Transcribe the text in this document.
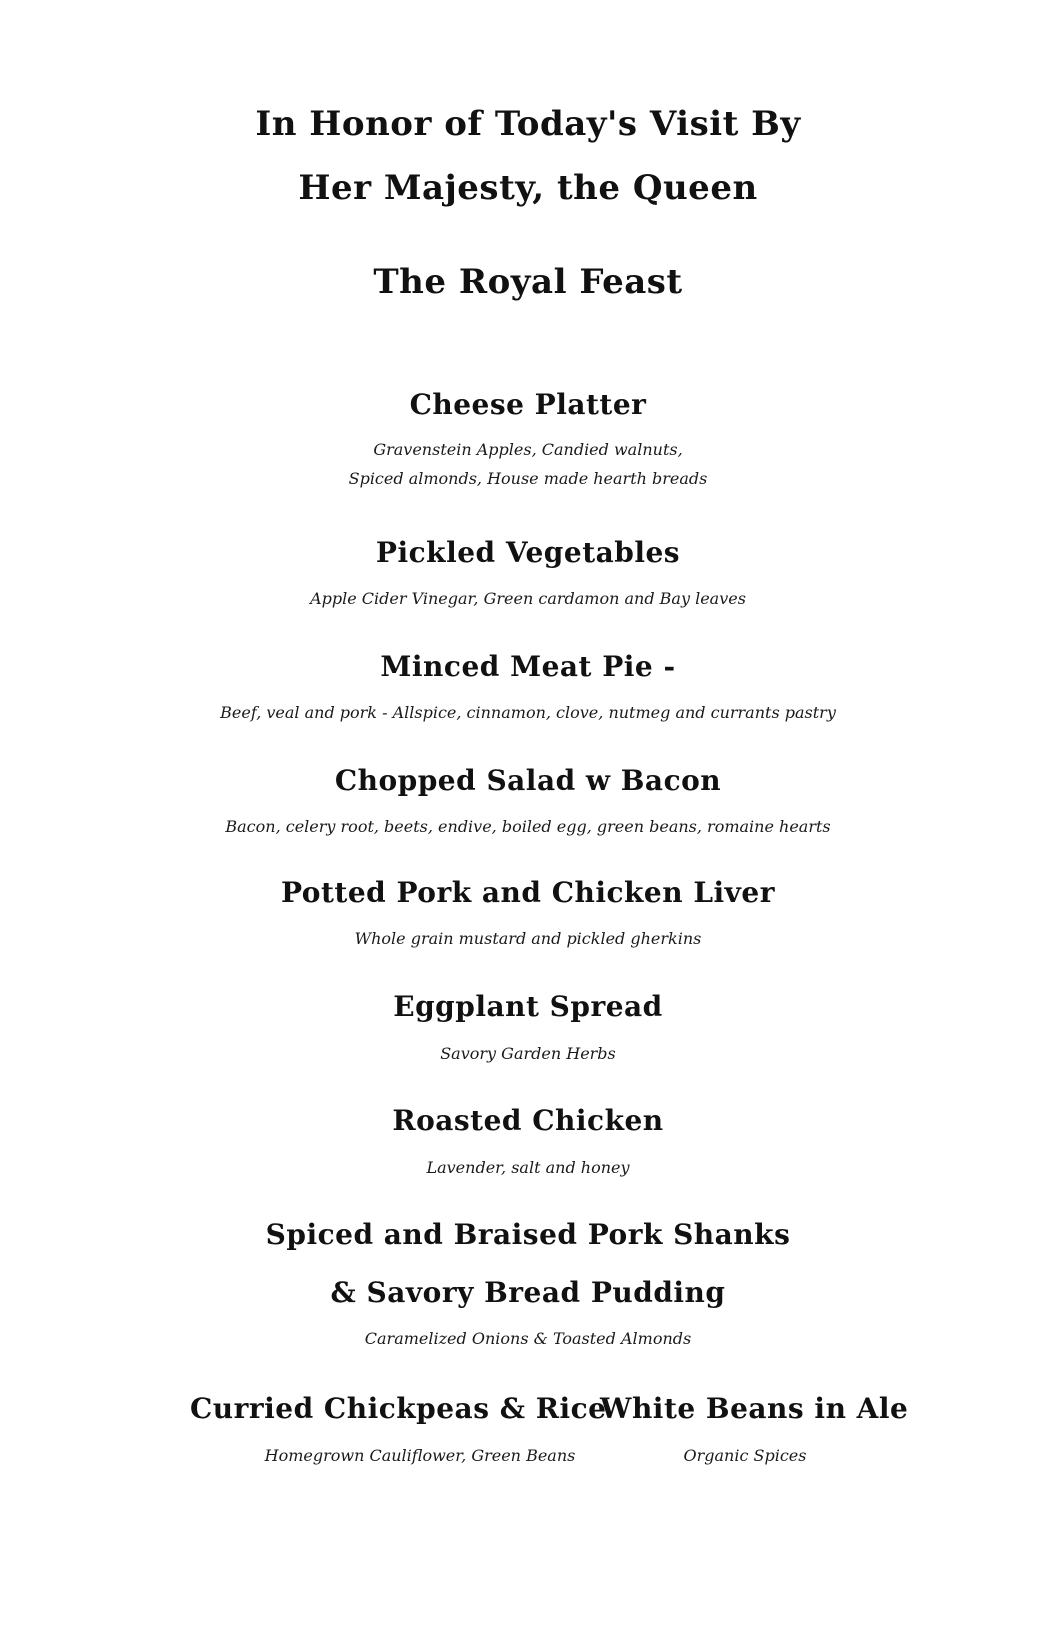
In Honor of Today's Visit By
Her Majesty, the Queen
The Royal Feast
Cheese Platter
Gravenstein Apples, Candied walnuts,
Spiced almonds, House made hearth breads
Pickled Vegetables
Apple Cider Vinegar, Green cardamon and Bay leaves
Minced Meat Pie -
Beef, veal and pork - Allspice, cinnamon, clove, nutmeg and currants pastry
Chopped Salad w Bacon
Bacon, celery root, beets, endive, boiled egg, green beans, romaine hearts
Potted Pork and Chicken Liver
Whole grain mustard and pickled gherkins
Eggplant Spread
Savory Garden Herbs
Roasted Chicken
Lavender, salt and honey
Spiced and Braised Pork Shanks
& Savory Bread Pudding
Caramelized Onions & Toasted Almonds
Curried Chickpeas & Rice
Homegrown Cauliflower, Green Beans
White Beans in Ale
Organic Spices
